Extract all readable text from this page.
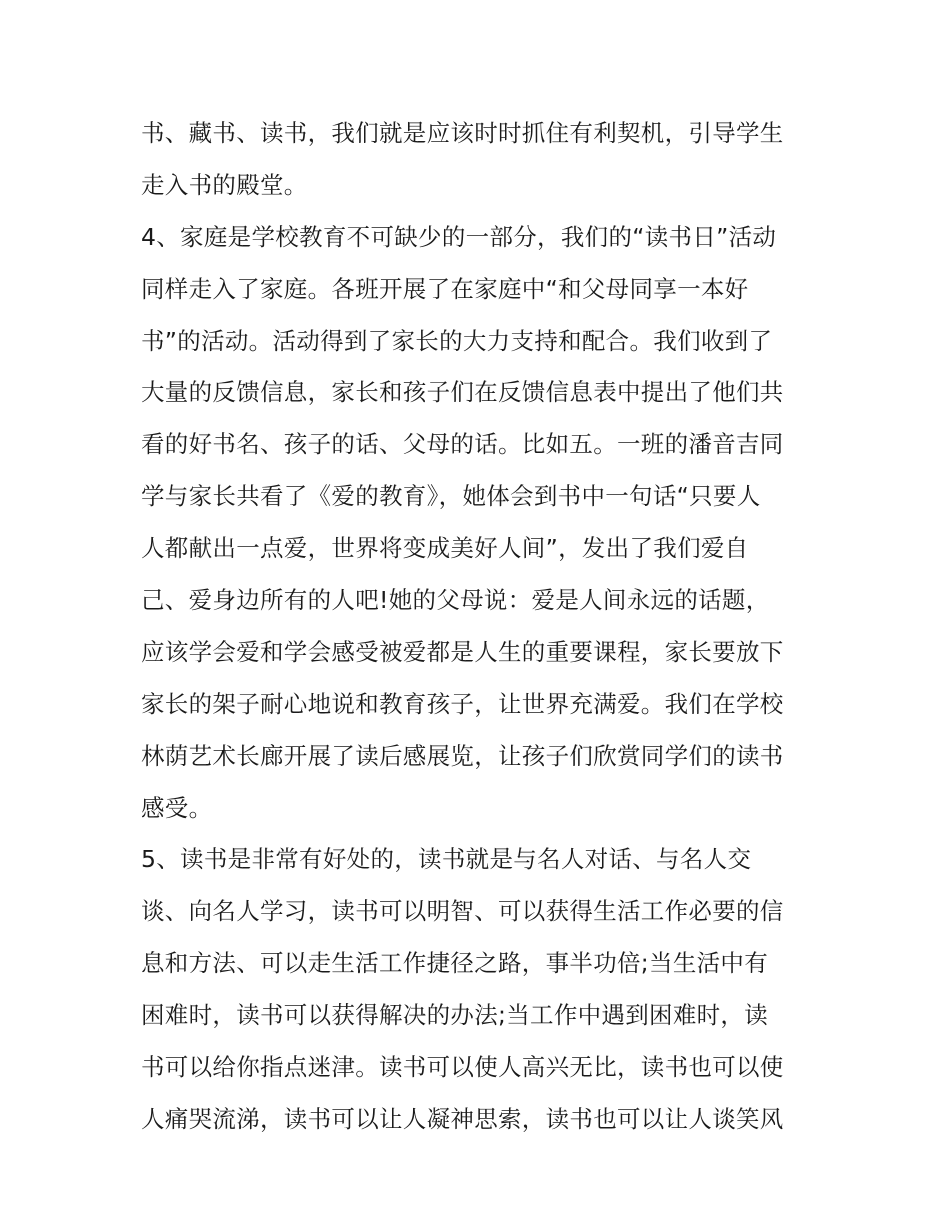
书、藏书、读书，我们就是应该时时抓住有利契机，引导学生
走入书的殿堂。
4、家庭是学校教育不可缺少的一部分，我们的“读书日”活动
同样走入了家庭。各班开展了在家庭中“和父母同享一本好
书”的活动。活动得到了家长的大力支持和配合。我们收到了
大量的反馈信息，家长和孩子们在反馈信息表中提出了他们共
看的好书名、孩子的话、父母的话。比如五。一班的潘音吉同
学与家长共看了《爱的教育》，她体会到书中一句话“只要人
人都献出一点爱，世界将变成美好人间”，发出了我们爱自
己、爱身边所有的人吧!她的父母说：爱是人间永远的话题，
应该学会爱和学会感受被爱都是人生的重要课程，家长要放下
家长的架子耐心地说和教育孩子，让世界充满爱。我们在学校
林荫艺术长廊开展了读后感展览，让孩子们欣赏同学们的读书
感受。
5、读书是非常有好处的，读书就是与名人对话、与名人交
谈、向名人学习，读书可以明智、可以获得生活工作必要的信
息和方法、可以走生活工作捷径之路，事半功倍;当生活中有
困难时，读书可以获得解决的办法;当工作中遇到困难时，读
书可以给你指点迷津。读书可以使人高兴无比，读书也可以使
人痛哭流涕，读书可以让人凝神思索，读书也可以让人谈笑风
